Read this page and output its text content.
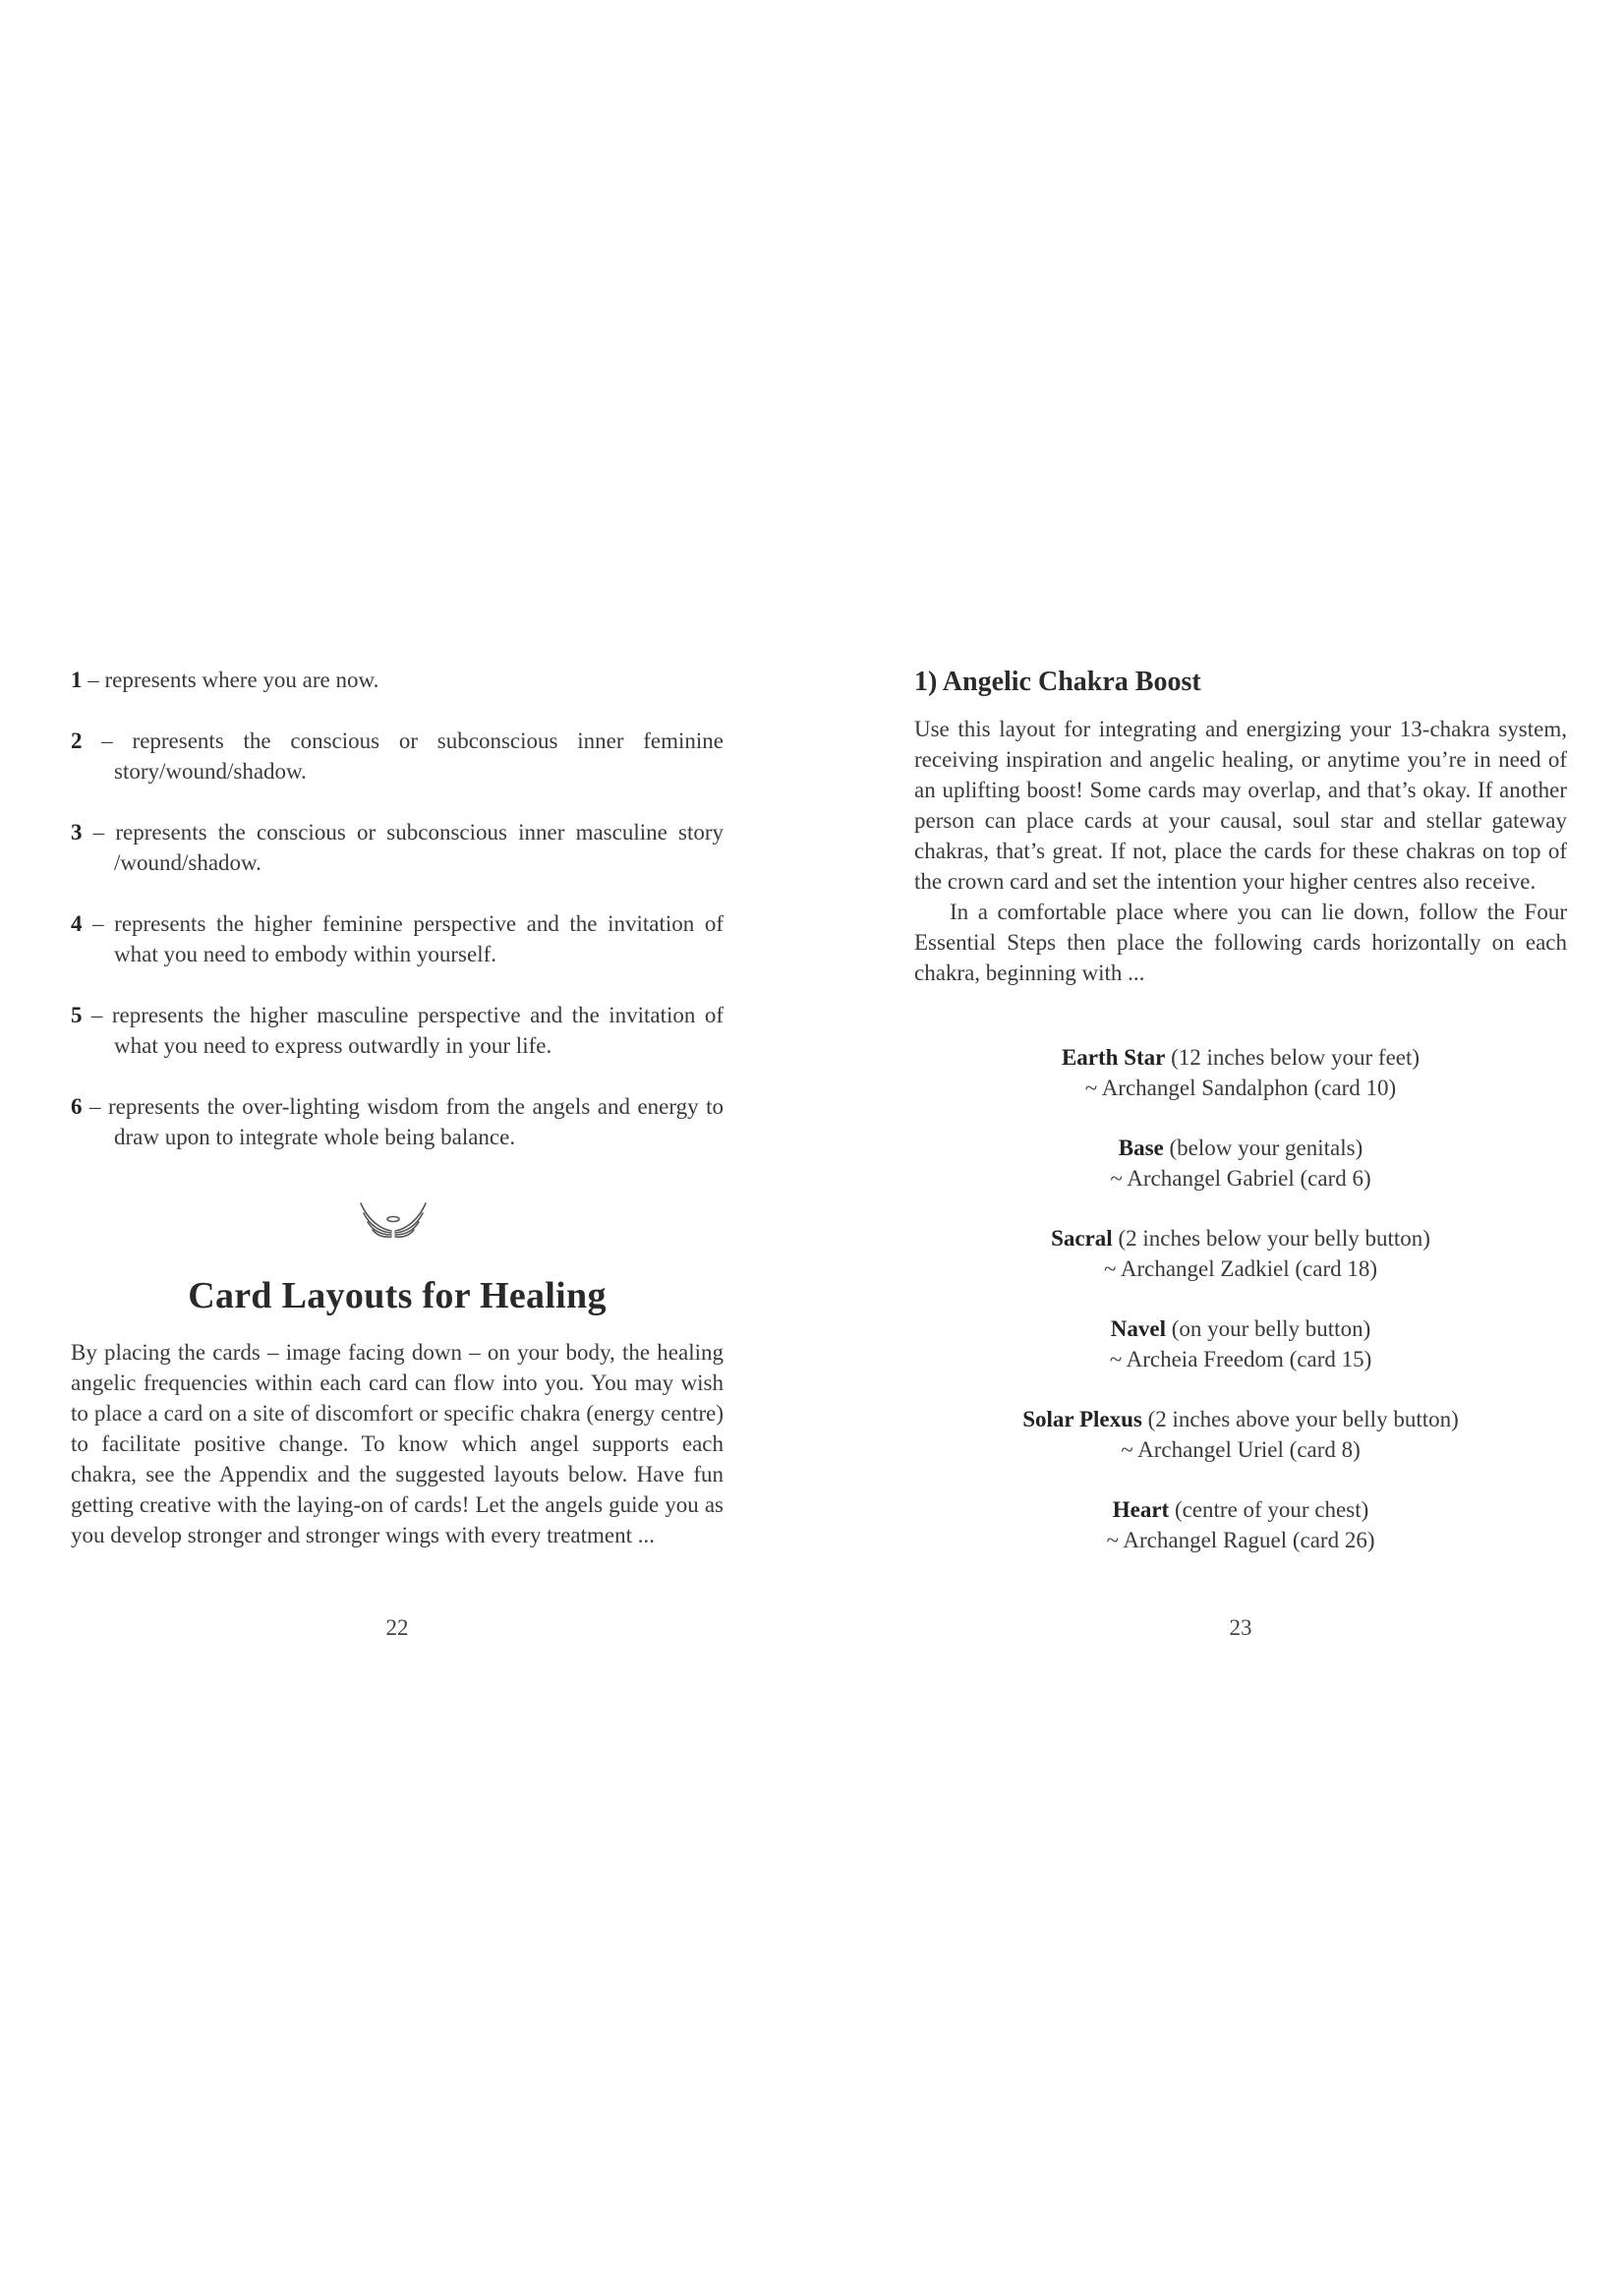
1 – represents where you are now.
2 – represents the conscious or subconscious inner feminine story/wound/shadow.
3 – represents the conscious or subconscious inner masculine story /wound/shadow.
4 – represents the higher feminine perspective and the invitation of what you need to embody within yourself.
5 – represents the higher masculine perspective and the invitation of what you need to express outwardly in your life.
6 – represents the over-lighting wisdom from the angels and energy to draw upon to integrate whole being balance.
Card Layouts for Healing

By placing the cards – image facing down – on your body, the healing angelic frequencies within each card can flow into you. You may wish to place a card on a site of discomfort or specific chakra (energy centre) to facilitate positive change. To know which angel supports each chakra, see the Appendix and the suggested layouts below. Have fun getting creative with the laying-on of cards! Let the angels guide you as you develop stronger and stronger wings with every treatment ...

22
1) Angelic Chakra Boost
Use this layout for integrating and energizing your 13-chakra system, receiving inspiration and angelic healing, or anytime you’re in need of an uplifting boost! Some cards may overlap, and that’s okay. If another person can place cards at your causal, soul star and stellar gateway chakras, that’s great. If not, place the cards for these chakras on top of the crown card and set the intention your higher centres also receive.
In a comfortable place where you can lie down, follow the Four Essential Steps then place the following cards horizontally on each chakra, beginning with ...
Earth Star (12 inches below your feet)
~ Archangel Sandalphon (card 10)
Base (below your genitals)
~ Archangel Gabriel (card 6)
Sacral (2 inches below your belly button)
~ Archangel Zadkiel (card 18)
Navel (on your belly button)
~ Archeia Freedom (card 15)
Solar Plexus (2 inches above your belly button)
~ Archangel Uriel (card 8)
Heart (centre of your chest)
~ Archangel Raguel (card 26)
23
